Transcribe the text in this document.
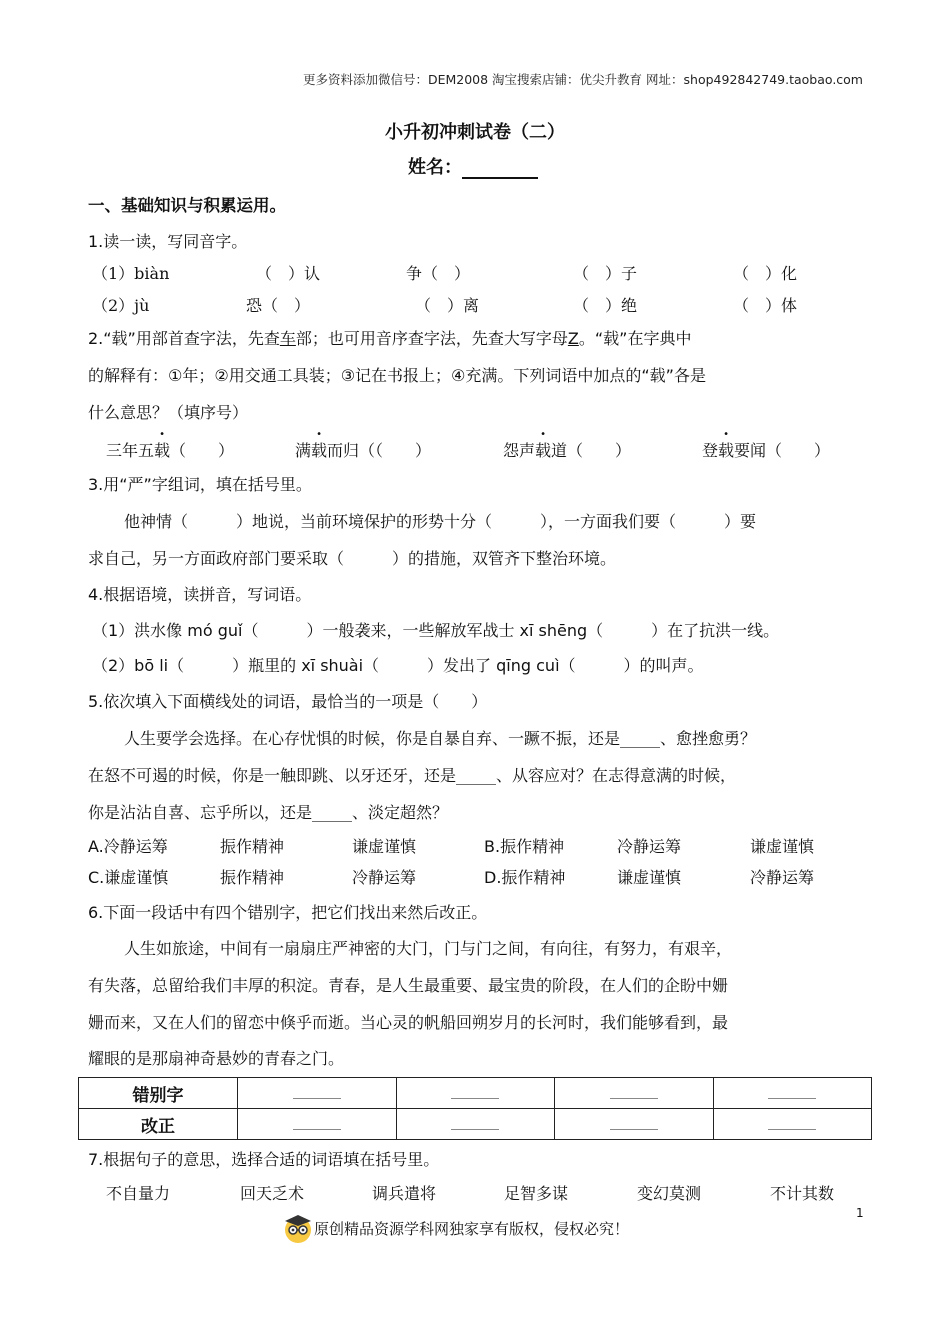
更多资料添加微信号：DEM2008 淘宝搜索店铺：优尖升教育 网址：shop492842749.taobao.com
小升初冲刺试卷（二）
姓名：
一、基础知识与积累运用。
1.读一读，写同音字。
（1）biàn	（　）认	争（　）	（　）子	（　）化
（2）jù	恐（　）	（　）离	（　）绝	（　）体
2.“载”用部首查字法，先查车部；也可用音序查字法，先查大写字母Z。“载”在字典中
的解释有：①年；②用交通工具装；③记在书报上；④充满。下列词语中加点的“载”各是
什么意思？（填序号）
三年五载（　　）	满载而归（（　　）	怨声载道（　　）	登载要闻（　　）
3.用“严”字组词，填在括号里。
他神情（　　　）地说，当前环境保护的形势十分（　　　），一方面我们要（　　　）要
求自己，另一方面政府部门要采取（　　　）的措施，双管齐下整治环境。
4.根据语境，读拼音，写词语。
（1）洪水像 mó guǐ（　　　）一般袭来，一些解放军战士 xī shēng（　　　）在了抗洪一线。
（2）bō li（　　　）瓶里的 xī shuài（　　　）发出了 qīng cuì（　　　）的叫声。
5.依次填入下面横线处的词语，最恰当的一项是（　　）
人生要学会选择。在心存忧惧的时候，你是自暴自弃、一蹶不振，还是_____、愈挫愈勇？
在怒不可遏的时候，你是一触即跳、以牙还牙，还是_____、从容应对？在志得意满的时候，
你是沾沾自喜、忘乎所以，还是_____、淡定超然？
A.冷静运筹	振作精神	谦虚谨慎	B.振作精神	冷静运筹	谦虚谨慎
C.谦虚谨慎	振作精神	冷静运筹	D.振作精神	谦虚谨慎	冷静运筹
6.下面一段话中有四个错别字，把它们找出来然后改正。
人生如旅途，中间有一扇扇庄严神密的大门，门与门之间，有向往，有努力，有艰辛，
有失落，总留给我们丰厚的积淀。青春，是人生最重要、最宝贵的阶段，在人们的企盼中姗
姗而来，又在人们的留恋中倏乎而逝。当心灵的帆船回朔岁月的长河时，我们能够看到，最
耀眼的是那扇神奇悬妙的青春之门。
错别字				
改正				
7.根据句子的意思，选择合适的词语填在括号里。
不自量力	回天乏术	调兵遣将	足智多谋	变幻莫测	不计其数
1
原创精品资源学科网独家享有版权，侵权必究！
